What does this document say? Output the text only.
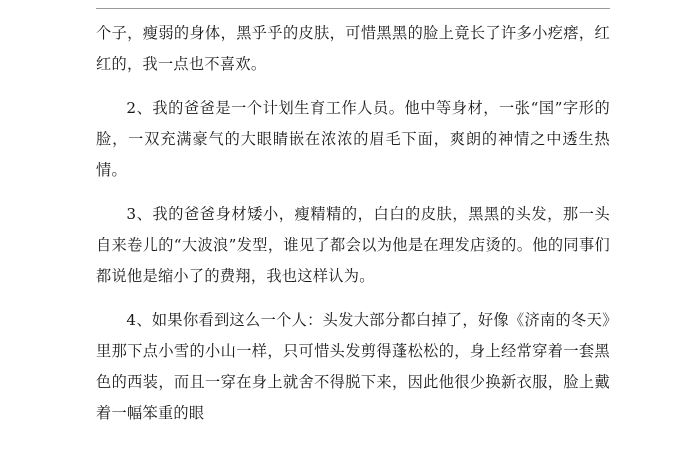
个子，瘦弱的身体，黑乎乎的皮肤，可惜黑黑的脸上竟长了许多小疙瘩，红红的，我一点也不喜欢。

2、我的爸爸是一个计划生育工作人员。他中等身材，一张“国”字形的脸，一双充满豪气的大眼睛嵌在浓浓的眉毛下面，爽朗的神情之中透生热情。

3、我的爸爸身材矮小，瘦精精的，白白的皮肤，黑黑的头发，那一头自来卷儿的“大波浪”发型，谁见了都会以为他是在理发店烫的。他的同事们都说他是缩小了的费翔，我也这样认为。

4、如果你看到这么一个人：头发大部分都白掉了，好像《济南的冬天》里那下点小雪的小山一样，只可惜头发剪得蓬松松的，身上经常穿着一套黑色的西装，而且一穿在身上就舍不得脱下来，因此他很少换新衣服，脸上戴着一幅笨重的眼
